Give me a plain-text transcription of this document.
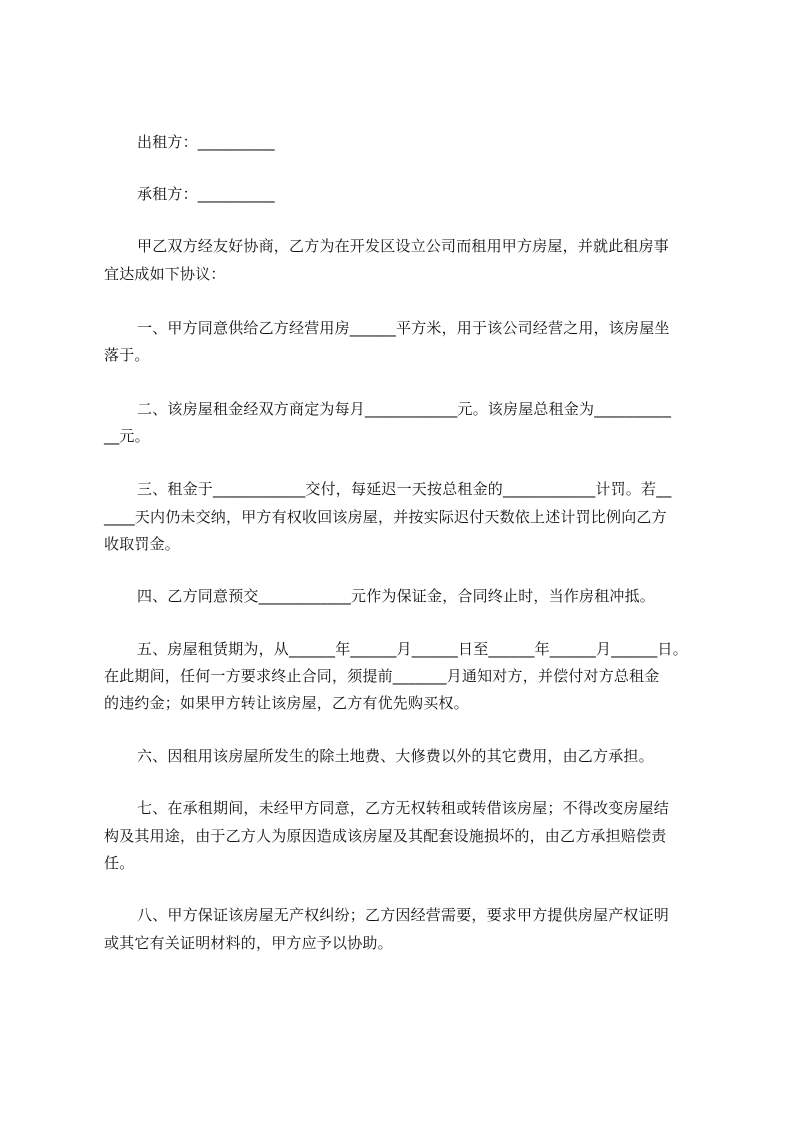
出租方：__________
承租方：__________
甲乙双方经友好协商，乙方为在开发区设立公司而租用甲方房屋，并就此租房事
宜达成如下协议：
一、甲方同意供给乙方经营用房______平方米，用于该公司经营之用，该房屋坐
落于。
二、该房屋租金经双方商定为每月____________元。该房屋总租金为__________
__元。
三、租金于____________交付，每延迟一天按总租金的____________计罚。若__
____天内仍未交纳，甲方有权收回该房屋，并按实际迟付天数依上述计罚比例向乙方
收取罚金。
四、乙方同意预交____________元作为保证金，合同终止时，当作房租冲抵。
五、房屋租赁期为，从______年______月______日至______年______月______日。
在此期间，任何一方要求终止合同，须提前_______月通知对方，并偿付对方总租金
的违约金；如果甲方转让该房屋，乙方有优先购买权。
六、因租用该房屋所发生的除土地费、大修费以外的其它费用，由乙方承担。
七、在承租期间，未经甲方同意，乙方无权转租或转借该房屋；不得改变房屋结
构及其用途，由于乙方人为原因造成该房屋及其配套设施损坏的，由乙方承担赔偿责
任。
八、甲方保证该房屋无产权纠纷；乙方因经营需要，要求甲方提供房屋产权证明
或其它有关证明材料的，甲方应予以协助。
